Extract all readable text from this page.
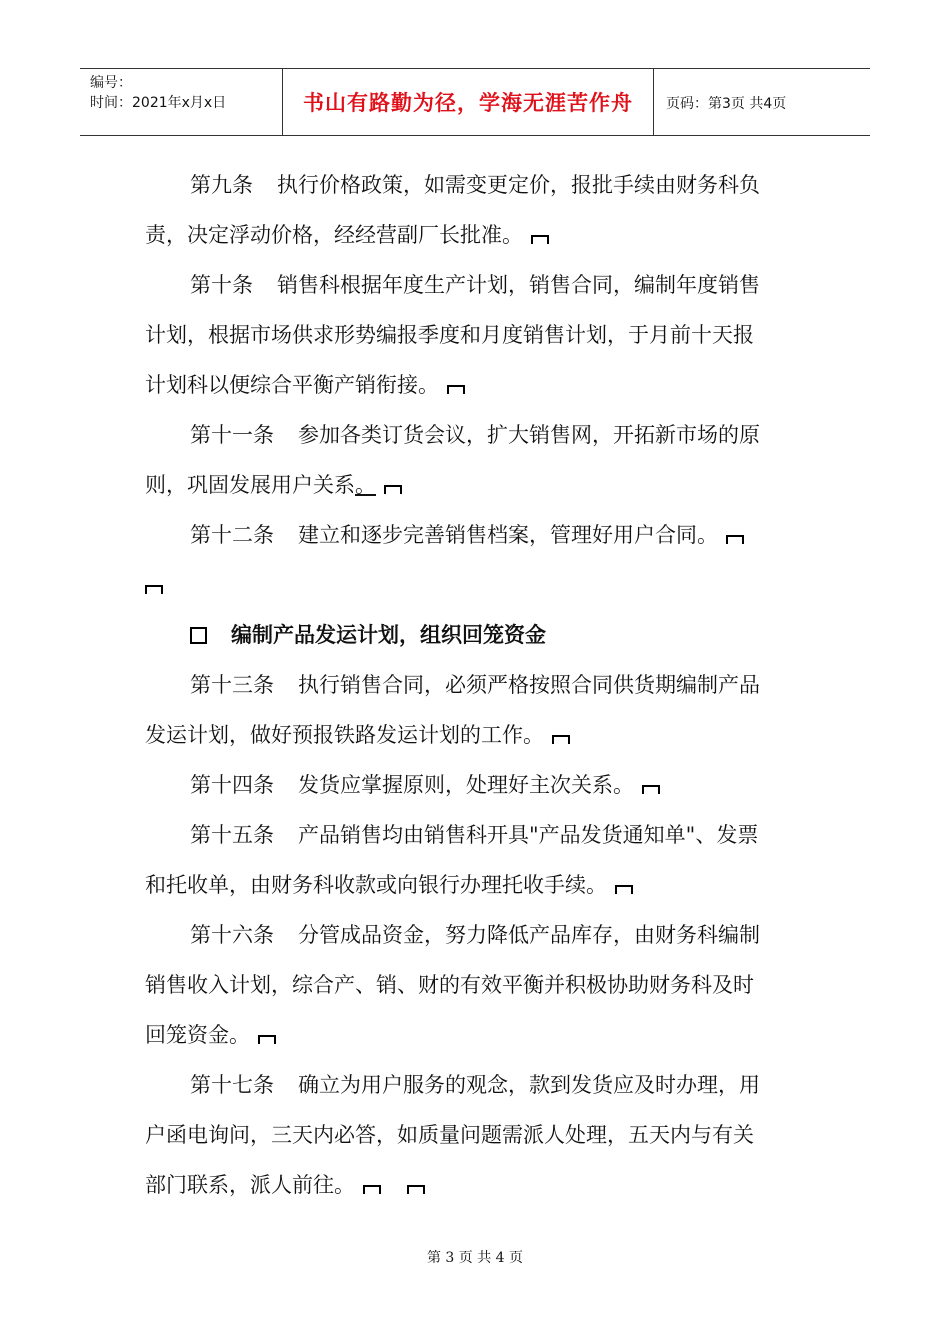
编号：
时间：2021年x月x日	书山有路勤为径，学海无涯苦作舟	页码：第3页 共4页
第九条 执行价格政策，如需变更定价，报批手续由财务科负
责，决定浮动价格，经经营副厂长批准。
第十条 销售科根据年度生产计划，销售合同，编制年度销售
计划，根据市场供求形势编报季度和月度销售计划，于月前十天报
计划科以便综合平衡产销衔接。
第十一条 参加各类订货会议，扩大销售网，开拓新市场的原
则，巩固发展用户关系。
第十二条 建立和逐步完善销售档案，管理好用户合同。
编制产品发运计划，组织回笼资金
第十三条 执行销售合同，必须严格按照合同供货期编制产品
发运计划，做好预报铁路发运计划的工作。
第十四条 发货应掌握原则，处理好主次关系。
第十五条 产品销售均由销售科开具"产品发货通知单"、发票
和托收单，由财务科收款或向银行办理托收手续。
第十六条 分管成品资金，努力降低产品库存，由财务科编制
销售收入计划，综合产、销、财的有效平衡并积极协助财务科及时
回笼资金。
第十七条 确立为用户服务的观念，款到发货应及时办理，用
户函电询问，三天内必答，如质量问题需派人处理，五天内与有关
部门联系，派人前往。
第 3 页 共 4 页
